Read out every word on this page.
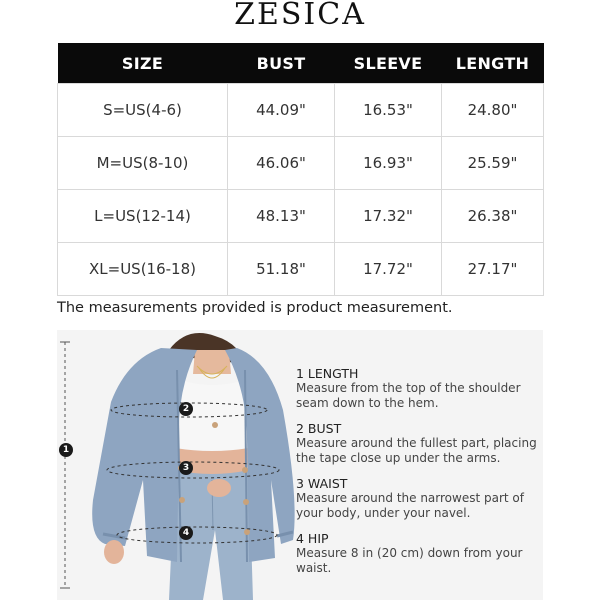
ZESICA
SIZE	BUST	SLEEVE	LENGTH
S=US(4-6)	44.09"	16.53"	24.80"
M=US(8-10)	46.06"	16.93"	25.59"
L=US(12-14)	48.13"	17.32"	26.38"
XL=US(16-18)	51.18"	17.72"	27.17"
The measurements provided is product measurement.
1
2
3
4
1 LENGTH
Measure from the top of the shoulder
seam down to the hem.
2 BUST
Measure around the fullest part, placing
the tape close up under the arms.
3 WAIST
Measure around the narrowest part of
your body, under your navel.
4 HIP
Measure 8 in (20 cm) down from your waist.
